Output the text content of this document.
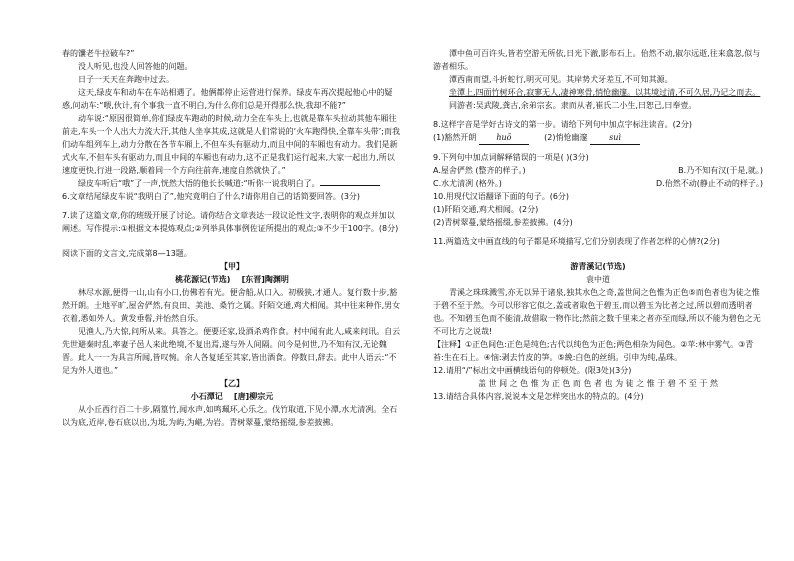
春的馕老牛拉破车?”

没人听见,也没人回答他的问题。

日子一天天在奔跑中过去。

这天,绿皮车和动车在车站相遇了。他俩都停止运营进行保养。绿皮车再次提起他心中的疑惑,问动车:“喂,伙计,有个事我一直不明白,为什么你们总是开得那么快,我却不能?”

动车说:“原因很简单,你们绿皮车跑动的时候,动力全在车头上,也就是靠车头拉动其他车厢往前走,车头一个人出大力流大汗,其他人坐享其成,这就是人们常说的‘火车跑得快,全靠车头带’;而我们动车组列车上,动力分散在各节车厢上,不但车头有驱动力,而且中间的车厢也有动力。我们是新式火车,不但车头有驱动力,而且中间的车厢也有动力,这不正是我们运行起来,大家一起出力,所以速度更快,行进一段路,顺着同一个方向往前奔,速度自然就快了。”

绿皮车听后“哦”了一声,恍然大悟的他长长喊道:“听你一说我明白了。

6.文章结尾绿皮车说“我明白了”,他究竟明白了什么?请你用自己的话简要回答。(3分)

7.读了这篇文章,你的班级开展了讨论。请你结合文章表达一段议论性文字,表明你的观点并加以阐述。写作提示:①根据文本提炼观点;②列举具体事例佐证所提出的观点;③不少于100字。(8分)

阅读下面的文言文,完成第8—13题。

【甲】

桃花源记(节选) [东晋]陶渊明

林尽水源,便得一山,山有小口,仿佛若有光。便舍船,从口入。初极狭,才通人。复行数十步,豁然开朗。土地平旷,屋舍俨然,有良田、美池、桑竹之属。阡陌交通,鸡犬相闻。其中往来种作,男女衣着,悉如外人。黄发垂髫,并怡然自乐。

见渔人,乃大惊,问所从来。具答之。便要还家,设酒杀鸡作食。村中闻有此人,咸来问讯。自云先世避秦时乱,率妻子邑人来此绝境,不复出焉,遂与外人间隔。问今是何世,乃不知有汉,无论魏晋。此人一一为具言所闻,皆叹惋。余人各复延至其家,皆出酒食。停数日,辞去。此中人语云:“不足为外人道也。”

【乙】

小石潭记 [唐]柳宗元

从小丘西行百二十步,隔篁竹,闻水声,如鸣珮环,心乐之。伐竹取道,下见小潭,水尤清冽。全石以为底,近岸,卷石底以出,为坻,为屿,为嵁,为岩。青树翠蔓,蒙络摇缀,参差披拂。

潭中鱼可百许头,皆若空游无所依,日光下澈,影布石上。佁然不动,俶尔远逝,往来翕忽,似与游者相乐。

潭西南而望,斗折蛇行,明灭可见。其岸势犬牙差互,不可知其源。

坐潭上,四面竹树环合,寂寥无人,凄神寒骨,悄怆幽邃。以其境过清,不可久居,乃记之而去。

同游者:吴武陵,龚古,余弟宗玄。隶而从者,崔氏二小生,曰恕己,曰奉壹。

8.这样字音是学好古诗文的第一步。请给下列句中加点字标注读音。(2分)

(1)豁然开朗 huō	(2)悄怆幽邃	suì

9.下列句中加点词解释错误的一项是( )(3分)

A.屋舍俨然 (整齐的样子。)	B.乃不知有汉(于是,就。)
C.水尤清冽 (格外。)	D.佁然不动(静止不动的样子。)

10.用现代汉语翻译下面的句子。(6分)

(1)阡陌交通,鸡犬相闻。(2分)

(2)青树翠蔓,蒙络摇缀,参差披拂。(4分)

11.两篇选文中画直线的句子都是环境描写,它们分别表现了作者怎样的心情?(2分)

游青溪记(节选)

袁中道

青溪之珠珠溅雪,亦无以异于诸泉,独其水色之奇,盖世间之色惟为正色⑤而色者也为徒之惟于碧不至于然。今可以形容它似之,盖或者取色于碧玉,而以碧玉为比者之过,所以碧而透明者也。不知碧玉色而不能清,故借取一物作比;然前之数千里来之者亦至而绿,所以不能为碧色之无不可比方之说哉!

【注释】①正色间色:正色是纯色;古代以纯色为正色;两色相杂为间色。②苹:林中雾气。③青苔:生在石上。④恼:剥去竹皮的笋。⑤絻:白色的丝绢。引申为纯,晶珠。

12.请用“/”标出文中画横线语句的停顿处。(限3处)(3分)

盖 世 间 之 色 惟 为 正 色 而 色 者 也 为 徒 之 惟 于 碧 不 至 于 然

13.请结合具体内容,说说本文是怎样突出水的特点的。(4分)
